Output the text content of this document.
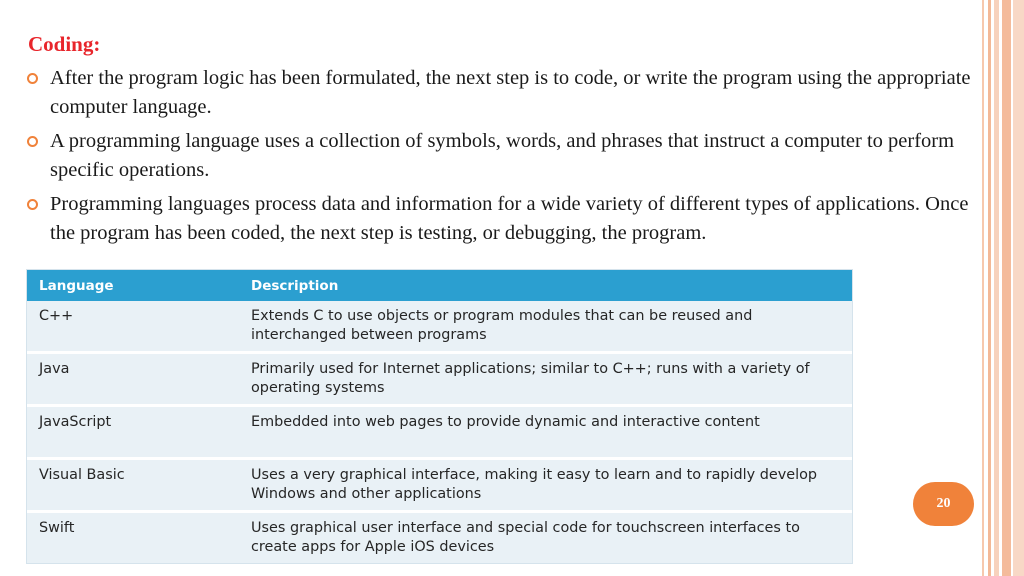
Coding:
After the program logic has been formulated, the next step is to code, or write the program using the appropriate computer language.
A programming language uses a collection of symbols, words, and phrases that instruct a computer to perform specific operations.
Programming languages process data and information for a wide variety of different types of applications. Once the program has been coded, the next step is testing, or debugging, the program.
Language	Description
C++	Extends C to use objects or program modules that can be reused and interchanged between programs
Java	Primarily used for Internet applications; similar to C++; runs with a variety of operating systems
JavaScript	Embedded into web pages to provide dynamic and interactive content
Visual Basic	Uses a very graphical interface, making it easy to learn and to rapidly develop Windows and other applications
Swift	Uses graphical user interface and special code for touchscreen interfaces to create apps for Apple iOS devices
20
